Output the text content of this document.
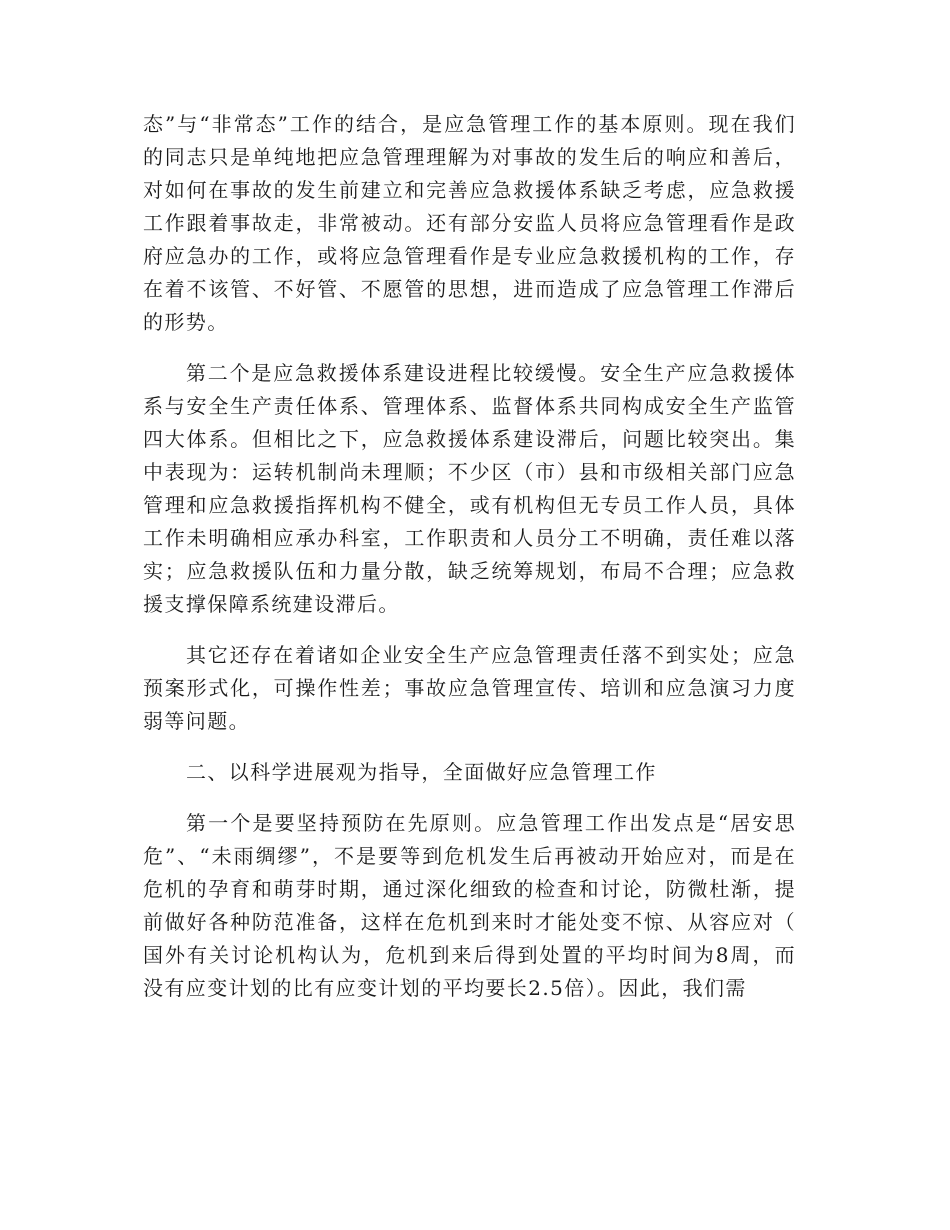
态”与“非常态”工作的结合，是应急管理工作的基本原则。现在我们的同志只是单纯地把应急管理理解为对事故的发生后的响应和善后，对如何在事故的发生前建立和完善应急救援体系缺乏考虑，应急救援工作跟着事故走，非常被动。还有部分安监人员将应急管理看作是政府应急办的工作，或将应急管理看作是专业应急救援机构的工作，存在着不该管、不好管、不愿管的思想，进而造成了应急管理工作滞后的形势。

第二个是应急救援体系建设进程比较缓慢。安全生产应急救援体系与安全生产责任体系、管理体系、监督体系共同构成安全生产监管四大体系。但相比之下，应急救援体系建设滞后，问题比较突出。集中表现为：运转机制尚未理顺；不少区（市）县和市级相关部门应急管理和应急救援指挥机构不健全，或有机构但无专员工作人员，具体工作未明确相应承办科室，工作职责和人员分工不明确，责任难以落实；应急救援队伍和力量分散，缺乏统筹规划，布局不合理；应急救援支撑保障系统建设滞后。

其它还存在着诸如企业安全生产应急管理责任落不到实处；应急预案形式化，可操作性差；事故应急管理宣传、培训和应急演习力度弱等问题。

二、以科学进展观为指导，全面做好应急管理工作

第一个是要坚持预防在先原则。应急管理工作出发点是“居安思危”、“未雨绸缪”，不是要等到危机发生后再被动开始应对，而是在危机的孕育和萌芽时期，通过深化细致的检查和讨论，防微杜渐，提前做好各种防范准备，这样在危机到来时才能处变不惊、从容应对（国外有关讨论机构认为，危机到来后得到处置的平均时间为8周，而没有应变计划的比有应变计划的平均要长2.5倍）。因此，我们需
